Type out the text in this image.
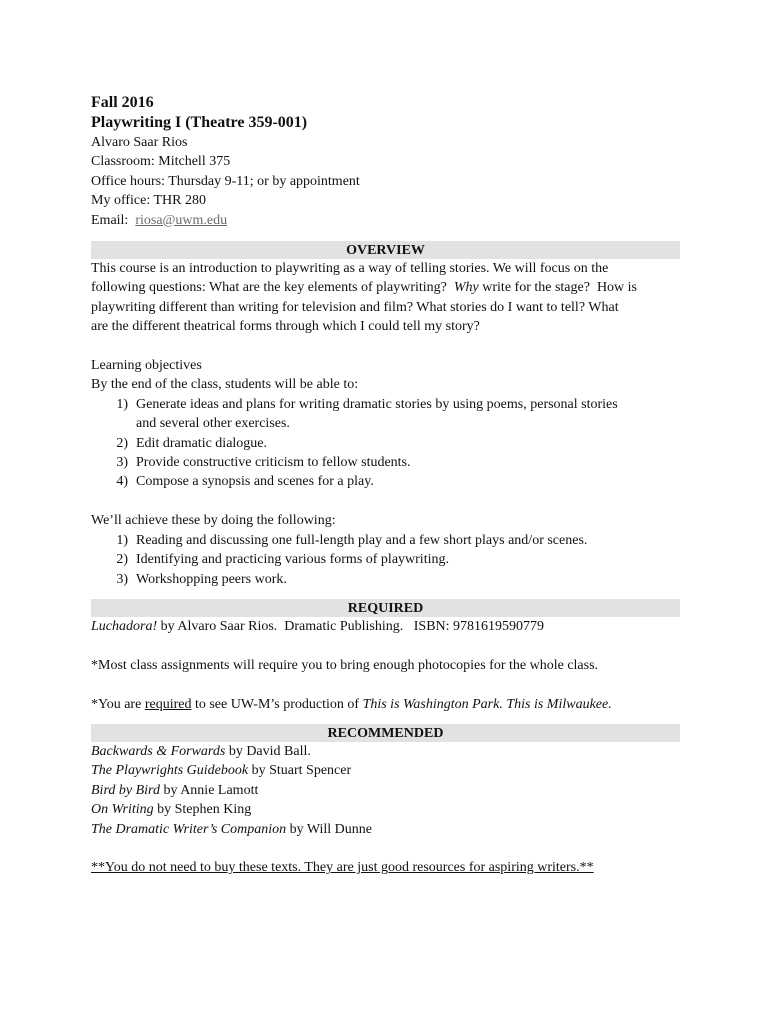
Fall 2016
Playwriting I (Theatre 359-001)
Alvaro Saar Rios
Classroom: Mitchell 375
Office hours: Thursday 9-11; or by appointment
My office: THR 280
Email:  riosa@uwm.edu
OVERVIEW
This course is an introduction to playwriting as a way of telling stories. We will focus on the
following questions: What are the key elements of playwriting?  Why write for the stage?  How is
playwriting different than writing for television and film? What stories do I want to tell? What
are the different theatrical forms through which I could tell my story?
Learning objectives
By the end of the class, students will be able to:
1) Generate ideas and plans for writing dramatic stories by using poems, personal stories
and several other exercises.
2) Edit dramatic dialogue.
3) Provide constructive criticism to fellow students.
4) Compose a synopsis and scenes for a play.
We’ll achieve these by doing the following:
1) Reading and discussing one full-length play and a few short plays and/or scenes.
2) Identifying and practicing various forms of playwriting.
3) Workshopping peers work.
REQUIRED
Luchadora! by Alvaro Saar Rios.  Dramatic Publishing.   ISBN: 9781619590779
*Most class assignments will require you to bring enough photocopies for the whole class.
*You are required to see UW-M’s production of This is Washington Park. This is Milwaukee.
RECOMMENDED
Backwards & Forwards by David Ball.
The Playwrights Guidebook by Stuart Spencer
Bird by Bird by Annie Lamott
On Writing by Stephen King
The Dramatic Writer’s Companion by Will Dunne
**You do not need to buy these texts. They are just good resources for aspiring writers.**
